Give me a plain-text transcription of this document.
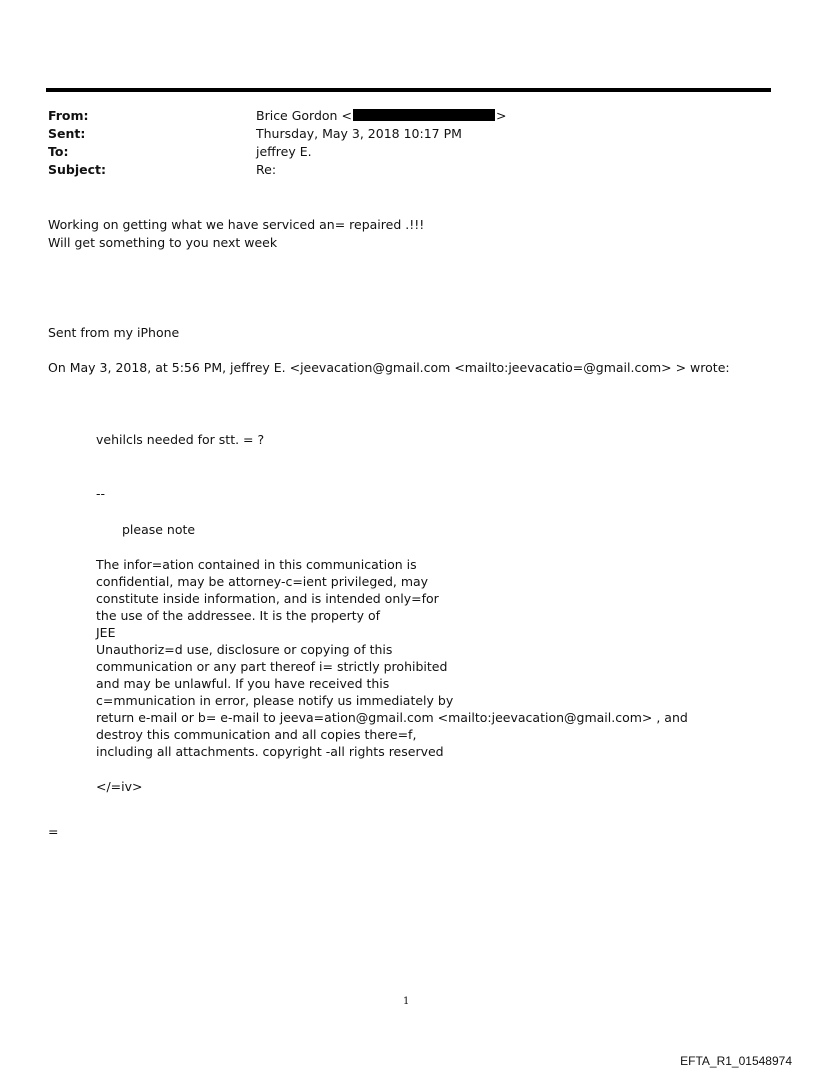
From:	Brice Gordon <	>
Sent:	Thursday, May 3, 2018 10:17 PM
To:	jeffrey E.
Subject:	Re:
Working on getting what we have serviced an= repaired .!!!
Will get something to you next week
Sent from my iPhone
On May 3, 2018, at 5:56 PM, jeffrey E. <jeevacation@gmail.com <mailto:jeevacatio=@gmail.com> > wrote:
vehilcls needed for stt. = ?
--
please note
The infor=ation contained in this communication is
confidential, may be attorney-c=ient privileged, may
constitute inside information, and is intended only=for
the use of the addressee. It is the property of
JEE
Unauthoriz=d use, disclosure or copying of this
communication or any part thereof i= strictly prohibited
and may be unlawful. If you have received this
c=mmunication in error, please notify us immediately by
return e-mail or b= e-mail to jeeva=ation@gmail.com <mailto:jeevacation@gmail.com> , and
destroy this communication and all copies there=f,
including all attachments. copyright -all rights reserved
</=iv>
=
1
EFTA_R1_01548974
